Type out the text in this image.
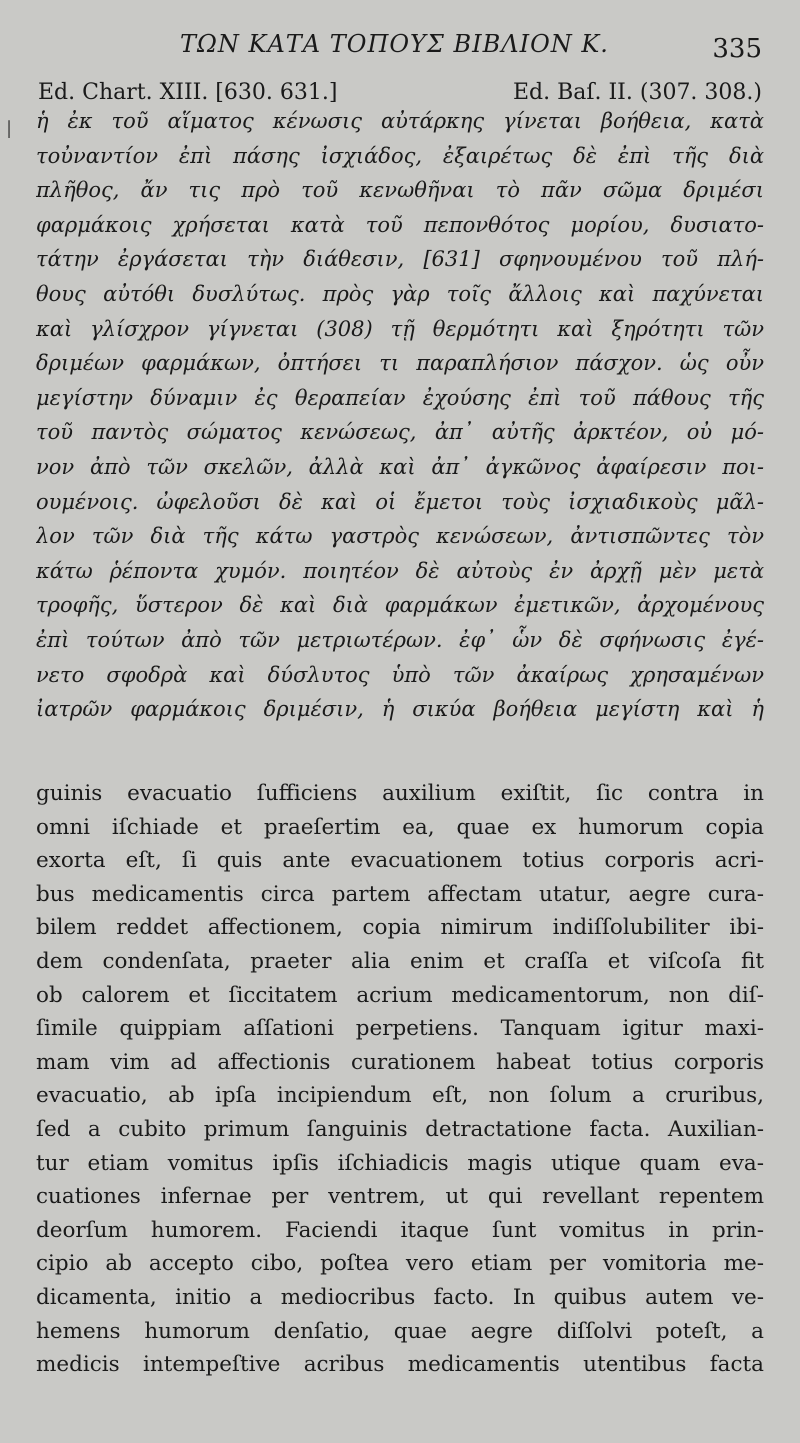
ΤΩΝ ΚΑΤΑ ΤΟΠΟΥΣ ΒΙΒΛΙΟΝ Κ.	335
Ed. Chart. XIII. [630. 631.]	Ed. Baſ. II. (307. 308.)
| ἡ ἐκ τοῦ αἵματος κένωσις αὐτάρκης γίνεται βοήθεια, κατὰ
τοὐναντίον ἐπὶ πάσης ἰσχιάδος, ἐξαιρέτως δὲ ἐπὶ τῆς διὰ
πλῆθος, ἄν τις πρὸ τοῦ κενωθῆναι τὸ πᾶν σῶμα δριμέσι
φαρμάκοις χρήσεται κατὰ τοῦ πεπονθότος μορίου, δυσιατο-
τάτην ἐργάσεται τὴν διάθεσιν, [631] σφηνουμένου τοῦ πλή-
θους αὐτόθι δυσλύτως. πρὸς γὰρ τοῖς ἄλλοις καὶ παχύνεται
καὶ γλίσχρον γίγνεται (308) τῇ θερμότητι καὶ ξηρότητι τῶν
δριμέων φαρμάκων, ὀπτήσει τι παραπλήσιον πάσχον. ὡς οὖν
μεγίστην δύναμιν ἐς θεραπείαν ἐχούσης ἐπὶ τοῦ πάθους τῆς
τοῦ παντὸς σώματος κενώσεως, ἀπ᾿ αὐτῆς ἀρκτέον, οὐ μό-
νον ἀπὸ τῶν σκελῶν, ἀλλὰ καὶ ἀπ᾿ ἀγκῶνος ἀφαίρεσιν ποι-
ουμένοις. ὠφελοῦσι δὲ καὶ οἱ ἔμετοι τοὺς ἰσχιαδικοὺς μᾶλ-
λον τῶν διὰ τῆς κάτω γαστρὸς κενώσεων, ἀντισπῶντες τὸν
κάτω ῥέποντα χυμόν. ποιητέον δὲ αὐτοὺς ἐν ἀρχῇ μὲν μετὰ
τροφῆς, ὕστερον δὲ καὶ διὰ φαρμάκων ἐμετικῶν, ἀρχομένους
ἐπὶ τούτων ἀπὸ τῶν μετριωτέρων. ἐφ᾿ ὧν δὲ σφήνωσις ἐγέ-
νετο σφοδρὰ καὶ δύσλυτος ὑπὸ τῶν ἀκαίρως χρησαμένων
ἰατρῶν φαρμάκοις δριμέσιν, ἡ σικύα βοήθεια μεγίστη καὶ ἡ
guinis evacuatio ſufficiens auxilium exiſtit, ſic contra in
omni iſchiade et praeſertim ea, quae ex humorum copia
exorta eſt, ſi quis ante evacuationem totius corporis acri-
bus medicamentis circa partem affectam utatur, aegre cura-
bilem reddet affectionem, copia nimirum indiſſolubiliter ibi-
dem condenſata, praeter alia enim et craſſa et viſcoſa fit
ob calorem et ſiccitatem acrium medicamentorum, non diſ-
ſimile quippiam aſſationi perpetiens. Tanquam igitur maxi-
mam vim ad affectionis curationem habeat totius corporis
evacuatio, ab ipſa incipiendum eſt, non ſolum a cruribus,
ſed a cubito primum ſanguinis detractatione facta. Auxilian-
tur etiam vomitus ipſis iſchiadicis magis utique quam eva-
cuationes infernae per ventrem, ut qui revellant repentem
deorſum humorem. Faciendi itaque ſunt vomitus in prin-
cipio ab accepto cibo, poſtea vero etiam per vomitoria me-
dicamenta, initio a mediocribus facto. In quibus autem ve-
hemens humorum denſatio, quae aegre diſſolvi poteſt, a
medicis intempeſtive acribus medicamentis utentibus facta
